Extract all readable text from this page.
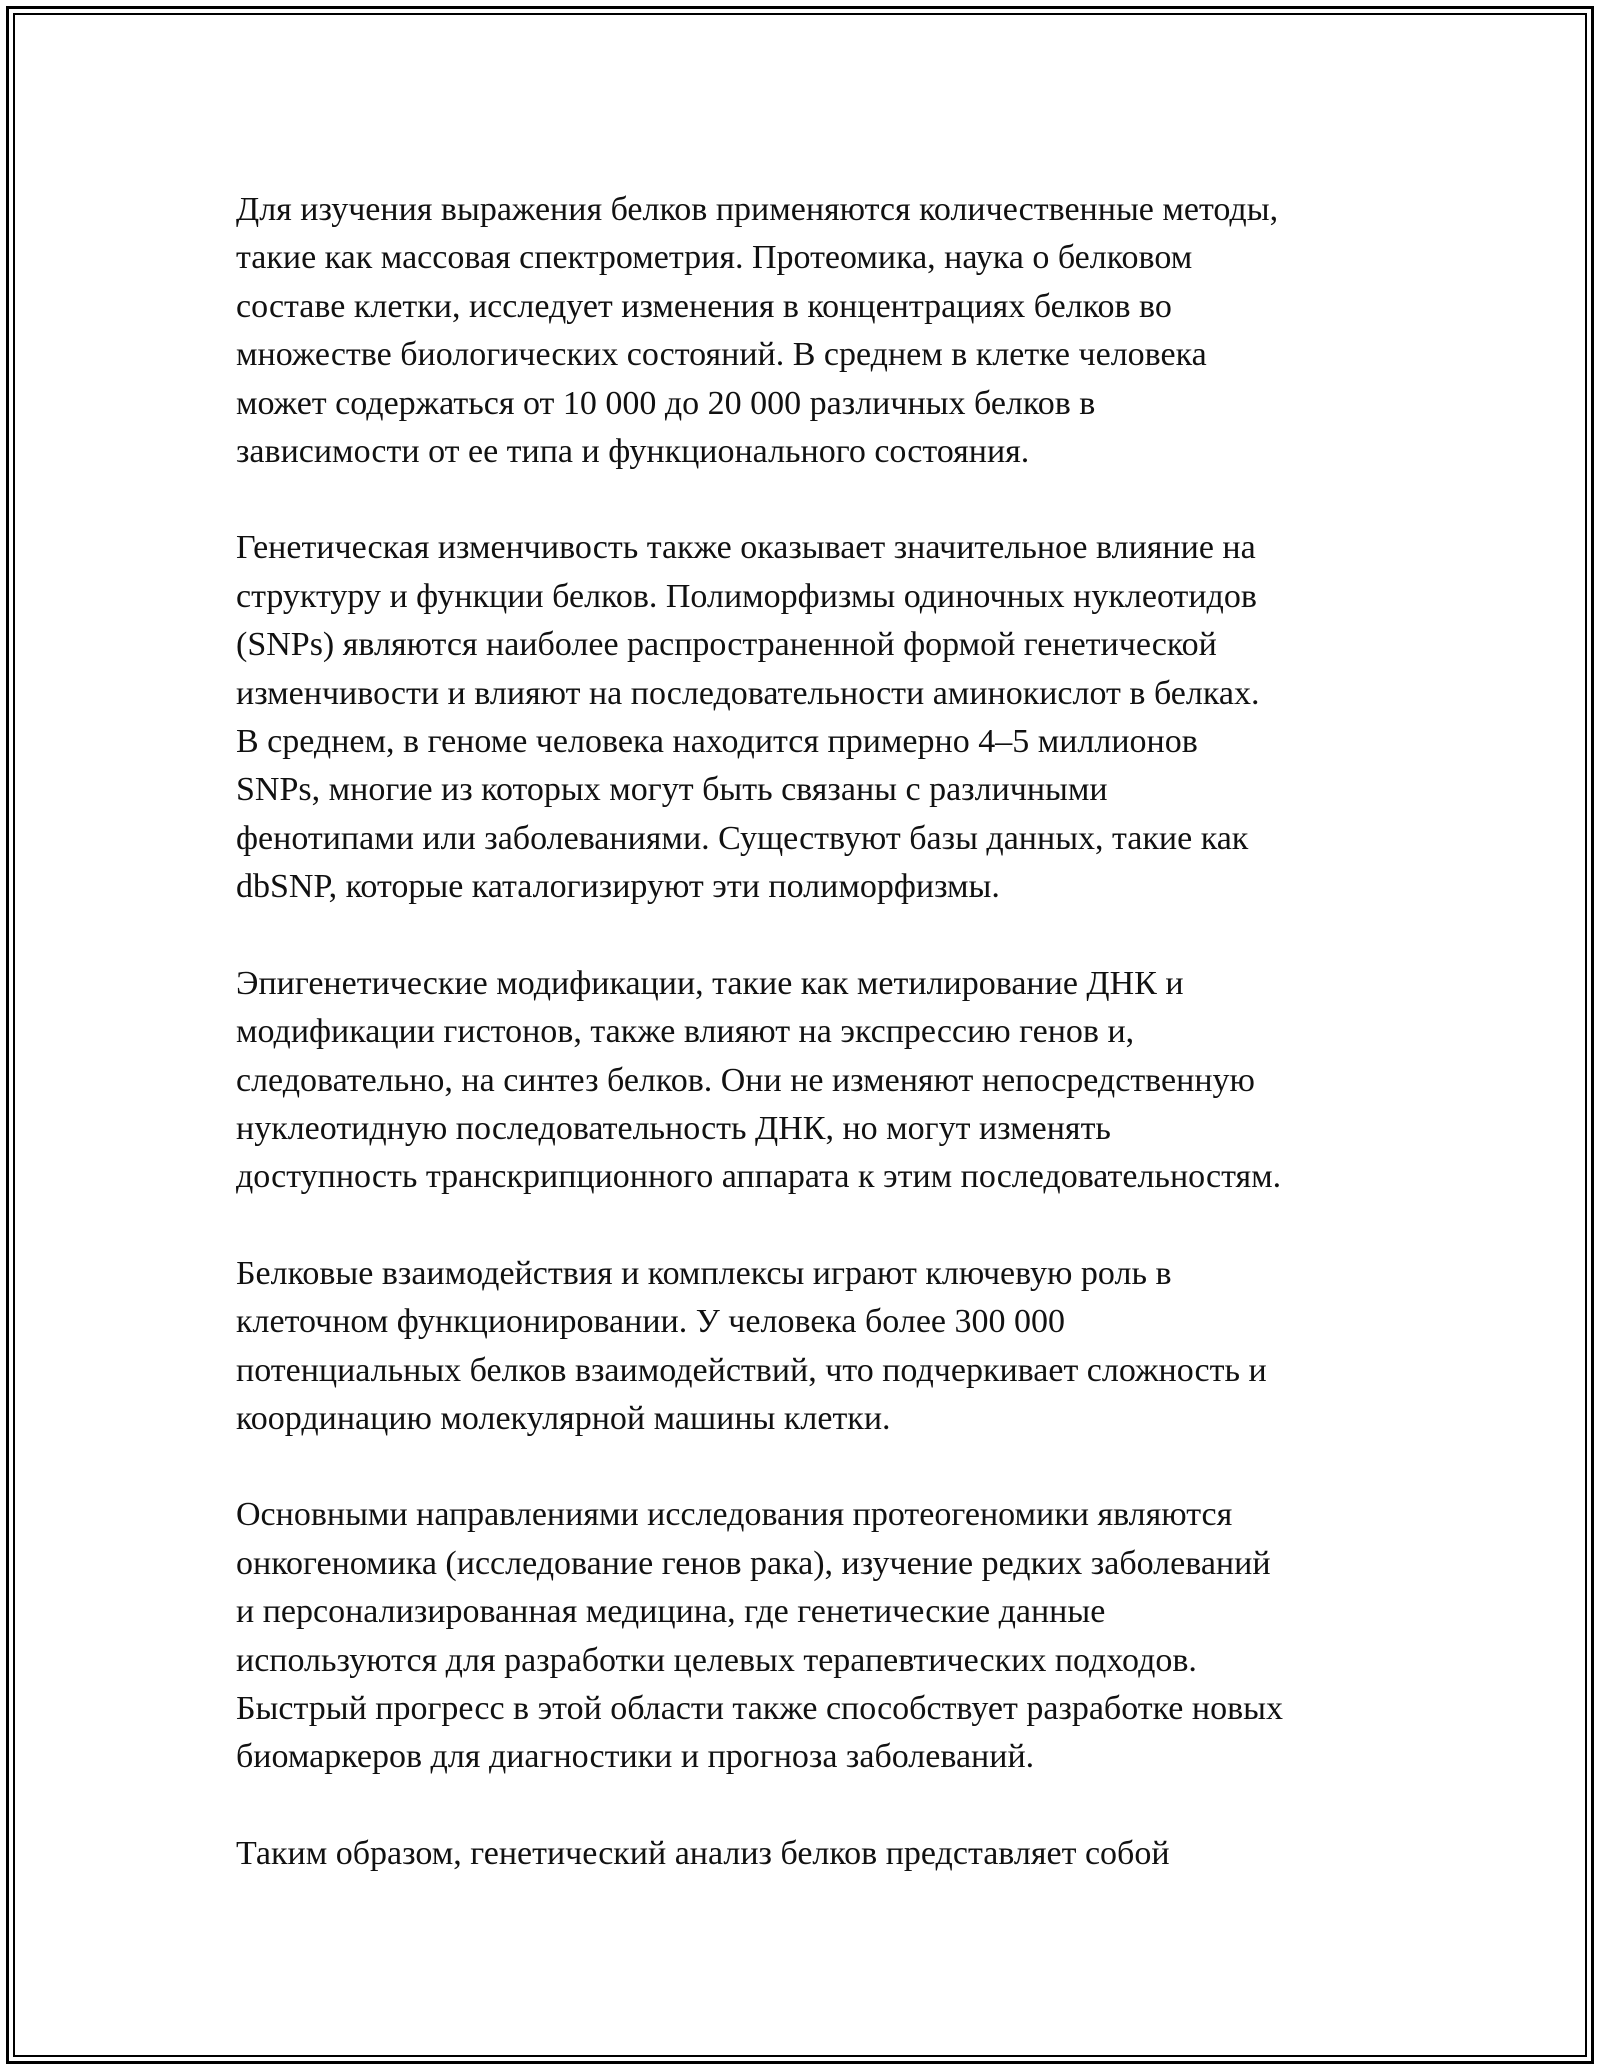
Для изучения выражения белков применяются количественные методы,
такие как массовая спектрометрия. Протеомика, наука о белковом
составе клетки, исследует изменения в концентрациях белков во
множестве биологических состояний. В среднем в клетке человека
может содержаться от 10 000 до 20 000 различных белков в
зависимости от ее типа и функционального состояния.

Генетическая изменчивость также оказывает значительное влияние на
структуру и функции белков. Полиморфизмы одиночных нуклеотидов
(SNPs) являются наиболее распространенной формой генетической
изменчивости и влияют на последовательности аминокислот в белках.
В среднем, в геноме человека находится примерно 4–5 миллионов
SNPs, многие из которых могут быть связаны с различными
фенотипами или заболеваниями. Существуют базы данных, такие как
dbSNP, которые каталогизируют эти полиморфизмы.

Эпигенетические модификации, такие как метилирование ДНК и
модификации гистонов, также влияют на экспрессию генов и,
следовательно, на синтез белков. Они не изменяют непосредственную
нуклеотидную последовательность ДНК, но могут изменять
доступность транскрипционного аппарата к этим последовательностям.

Белковые взаимодействия и комплексы играют ключевую роль в
клеточном функционировании. У человека более 300 000
потенциальных белков взаимодействий, что подчеркивает сложность и
координацию молекулярной машины клетки.

Основными направлениями исследования протеогеномики являются
онкогеномика (исследование генов рака), изучение редких заболеваний
и персонализированная медицина, где генетические данные
используются для разработки целевых терапевтических подходов.
Быстрый прогресс в этой области также способствует разработке новых
биомаркеров для диагностики и прогноза заболеваний.

Таким образом, генетический анализ белков представляет собой
